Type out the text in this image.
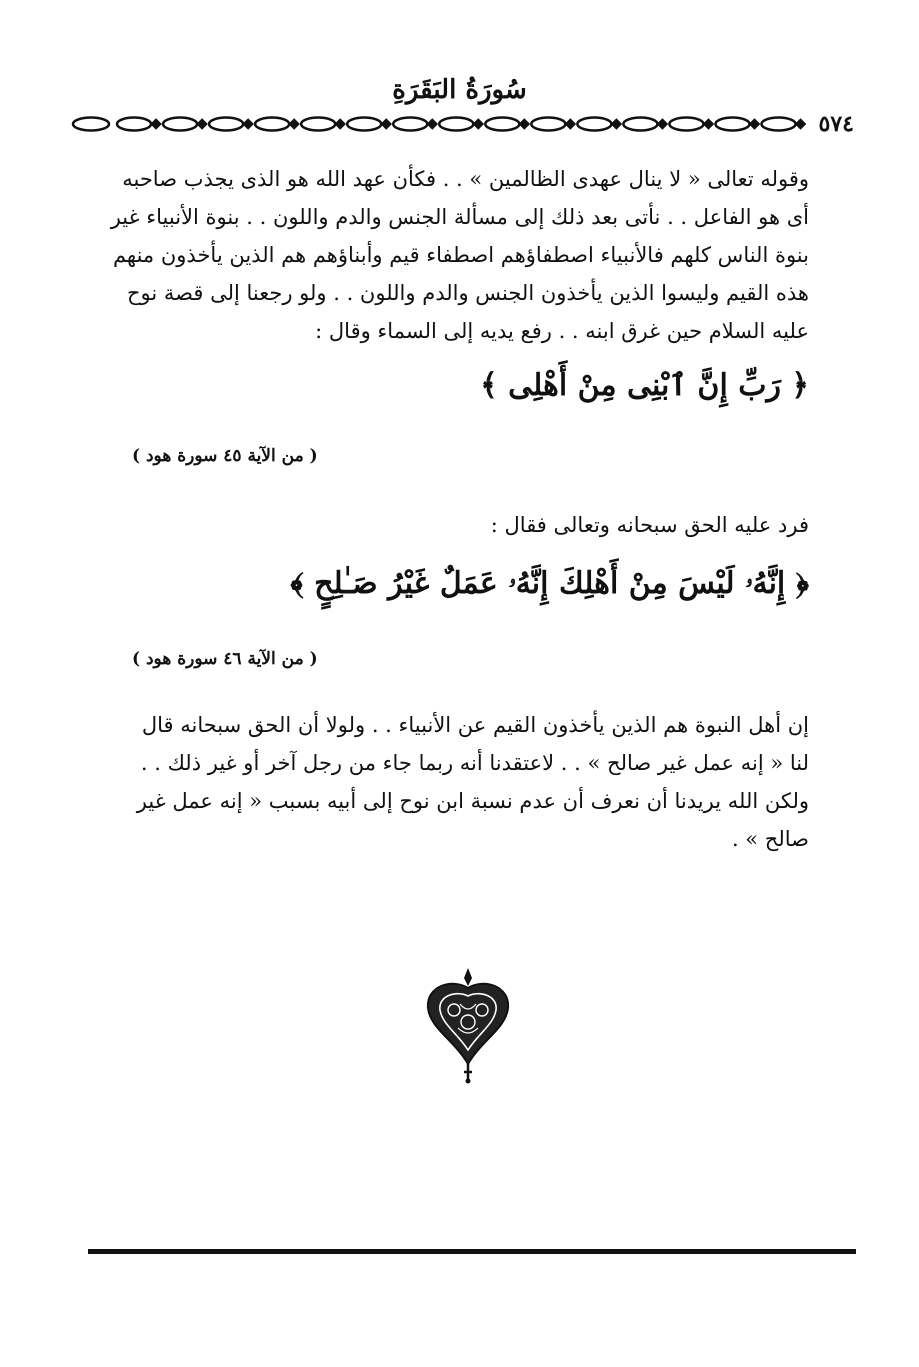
سُورَةُ البَقَرَةِ
٥٧٤
وقوله تعالى « لا ينال عهدى الظالمين » . . فكأن عهد الله هو الذى يجذب صاحبه
أى هو الفاعل . . نأتى بعد ذلك إلى مسألة الجنس والدم واللون . . بنوة الأنبياء غير
بنوة الناس كلهم فالأنبياء اصطفاؤهم اصطفاء قيم وأبناؤهم هم الذين يأخذون منهم
هذه القيم وليسوا الذين يأخذون الجنس والدم واللون . . ولو رجعنا إلى قصة نوح
عليه السلام حين غرق ابنه . . رفع يديه إلى السماء وقال :
﴿ رَبِّ إِنَّ ٱبْنِى مِنْ أَهْلِى ﴾
( من الآية ٤٥ سورة هود )
فرد عليه الحق سبحانه وتعالى فقال :
﴿ إِنَّهُۥ لَيْسَ مِنْ أَهْلِكَ إِنَّهُۥ عَمَلٌ غَيْرُ صَـٰلِحٍ ﴾
( من الآية ٤٦ سورة هود )
إن أهل النبوة هم الذين يأخذون القيم عن الأنبياء . . ولولا أن الحق سبحانه قال
لنا « إنه عمل غير صالح » . . لاعتقدنا أنه ربما جاء من رجل آخر أو غير ذلك . .
ولكن الله يريدنا أن نعرف أن عدم نسبة ابن نوح إلى أبيه بسبب « إنه عمل غير
صالح » .
